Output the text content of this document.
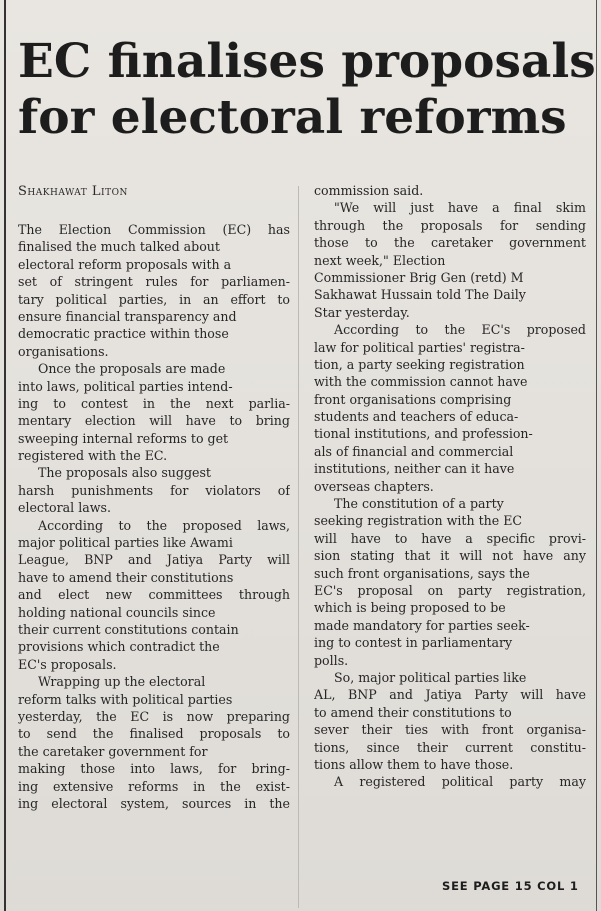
EC finalises proposals
for electoral reforms
Shakhawat Liton
The Election Commission (EC) has
finalised the much talked about
electoral reform proposals with a
set of stringent rules for parliamen-
tary political parties, in an effort to
ensure financial transparency and
democratic practice within those
organisations.
Once the proposals are made
into laws, political parties intend-
ing to contest in the next parlia-
mentary election will have to bring
sweeping internal reforms to get
registered with the EC.
The proposals also suggest
harsh punishments for violators of
electoral laws.
According to the proposed laws,
major political parties like Awami
League, BNP and Jatiya Party will
have to amend their constitutions
and elect new committees through
holding national councils since
their current constitutions contain
provisions which contradict the
EC's proposals.
Wrapping up the electoral
reform talks with political parties
yesterday, the EC is now preparing
to send the finalised proposals to
the caretaker government for
making those into laws, for bring-
ing extensive reforms in the exist-
ing electoral system, sources in the
commission said.
"We will just have a final skim
through the proposals for sending
those to the caretaker government
next week," Election
Commissioner Brig Gen (retd) M
Sakhawat Hussain told The Daily
Star yesterday.
According to the EC's proposed
law for political parties' registra-
tion, a party seeking registration
with the commission cannot have
front organisations comprising
students and teachers of educa-
tional institutions, and profession-
als of financial and commercial
institutions, neither can it have
overseas chapters.
The constitution of a party
seeking registration with the EC
will have to have a specific provi-
sion stating that it will not have any
such front organisations, says the
EC's proposal on party registration,
which is being proposed to be
made mandatory for parties seek-
ing to contest in parliamentary
polls.
So, major political parties like
AL, BNP and Jatiya Party will have
to amend their constitutions to
sever their ties with front organisa-
tions, since their current constitu-
tions allow them to have those.
A registered political party may
SEE PAGE 15 COL 1
